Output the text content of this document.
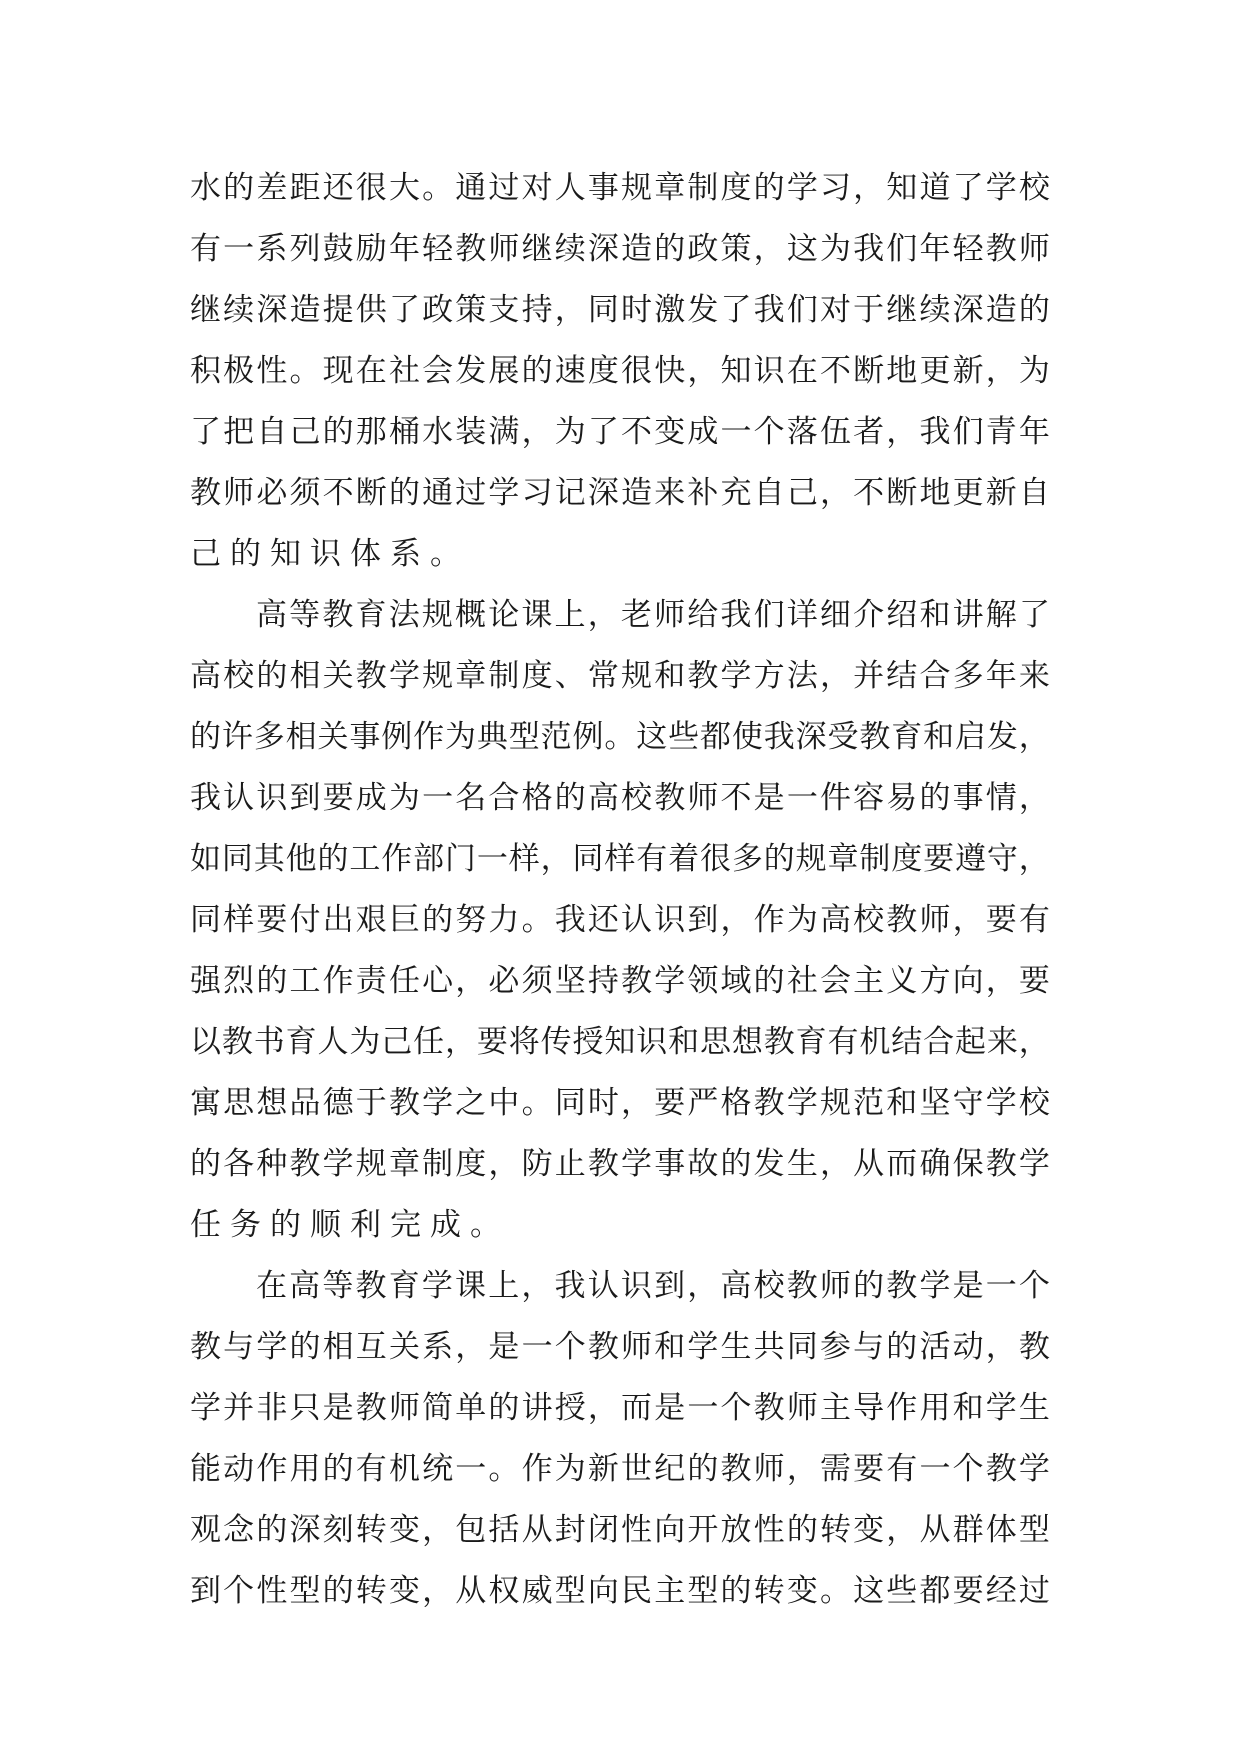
水 的 差 距 还 很 大 。 通 过 对 人 事 规 章 制 度 的 学 习 ， 知 道 了 学 校
有 一 系 列 鼓 励 年 轻 教 师 继 续 深 造 的 政 策 ， 这 为 我 们 年 轻 教 师
继 续 深 造 提 供 了 政 策 支 持 ， 同 时 激 发 了 我 们 对 于 继 续 深 造 的
积 极 性 。 现 在 社 会 发 展 的 速 度 很 快 ， 知 识 在 不 断 地 更 新 ， 为
了 把 自 己 的 那 桶 水 装 满 ， 为 了 不 变 成 一 个 落 伍 者 ， 我 们 青 年
教 师 必 须 不 断 的 通 过 学 习 记 深 造 来 补 充 自 己 ， 不 断 地 更 新 自
己的知识体系。
高 等 教 育 法 规 概 论 课 上 ， 老 师 给 我 们 详 细 介 绍 和 讲 解 了
高 校 的 相 关 教 学 规 章 制 度 、 常 规 和 教 学 方 法 ， 并 结 合 多 年 来
的 许 多 相 关 事 例 作 为 典 型 范 例 。 这 些 都 使 我 深 受 教 育 和 启 发 ，
我 认 识 到 要 成 为 一 名 合 格 的 高 校 教 师 不 是 一 件 容 易 的 事 情 ，
如 同 其 他 的 工 作 部 门 一 样 ， 同 样 有 着 很 多 的 规 章 制 度 要 遵 守 ，
同 样 要 付 出 艰 巨 的 努 力 。 我 还 认 识 到 ， 作 为 高 校 教 师 ， 要 有
强 烈 的 工 作 责 任 心 ， 必 须 坚 持 教 学 领 域 的 社 会 主 义 方 向 ， 要
以 教 书 育 人 为 己 任 ， 要 将 传 授 知 识 和 思 想 教 育 有 机 结 合 起 来 ，
寓 思 想 品 德 于 教 学 之 中 。 同 时 ， 要 严 格 教 学 规 范 和 坚 守 学 校
的 各 种 教 学 规 章 制 度 ， 防 止 教 学 事 故 的 发 生 ， 从 而 确 保 教 学
任务的顺利完成。
在 高 等 教 育 学 课 上 ， 我 认 识 到 ， 高 校 教 师 的 教 学 是 一 个
教 与 学 的 相 互 关 系 ， 是 一 个 教 师 和 学 生 共 同 参 与 的 活 动 ， 教
学 并 非 只 是 教 师 简 单 的 讲 授 ， 而 是 一 个 教 师 主 导 作 用 和 学 生
能 动 作 用 的 有 机 统 一 。 作 为 新 世 纪 的 教 师 ， 需 要 有 一 个 教 学
观 念 的 深 刻 转 变 ， 包 括 从 封 闭 性 向 开 放 性 的 转 变 ， 从 群 体 型
到 个 性 型 的 转 变 ， 从 权 威 型 向 民 主 型 的 转 变 。 这 些 都 要 经 过
